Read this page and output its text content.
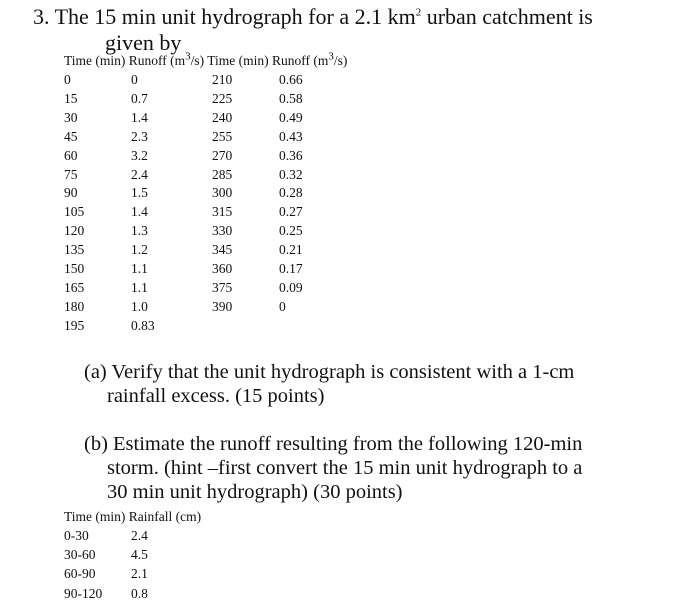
3. The 15 min unit hydrograph for a 2.1 $km^2$ urban catchment is
given by
Time (min) Runoff $(m^3/s)$ Time (min) Runoff $(m^3/s)$
0
15
30
45
60
75
90
105
120
135
150
165
180
195
0
0.7
1.4
2.3
3.2
2.4
1.5
1.4
1.3
1.2
1.1
1.1
1.0
0.83
210
225
240
255
270
285
300
315
330
345
360
375
390
0.66
0.58
0.49
0.43
0.36
0.32
0.28
0.27
0.25
0.21
0.17
0.09
0
(a) Verify that the unit hydrograph is consistent with a 1-cm
rainfall excess. (15 points)
(b) Estimate the runoff resulting from the following 120-min
storm. (hint –first convert the 15 min unit hydrograph to a
30 min unit hydrograph) (30 points)
Time (min) Rainfall (cm)
0-30
30-60
60-90
90-120
2.4
4.5
2.1
0.8
